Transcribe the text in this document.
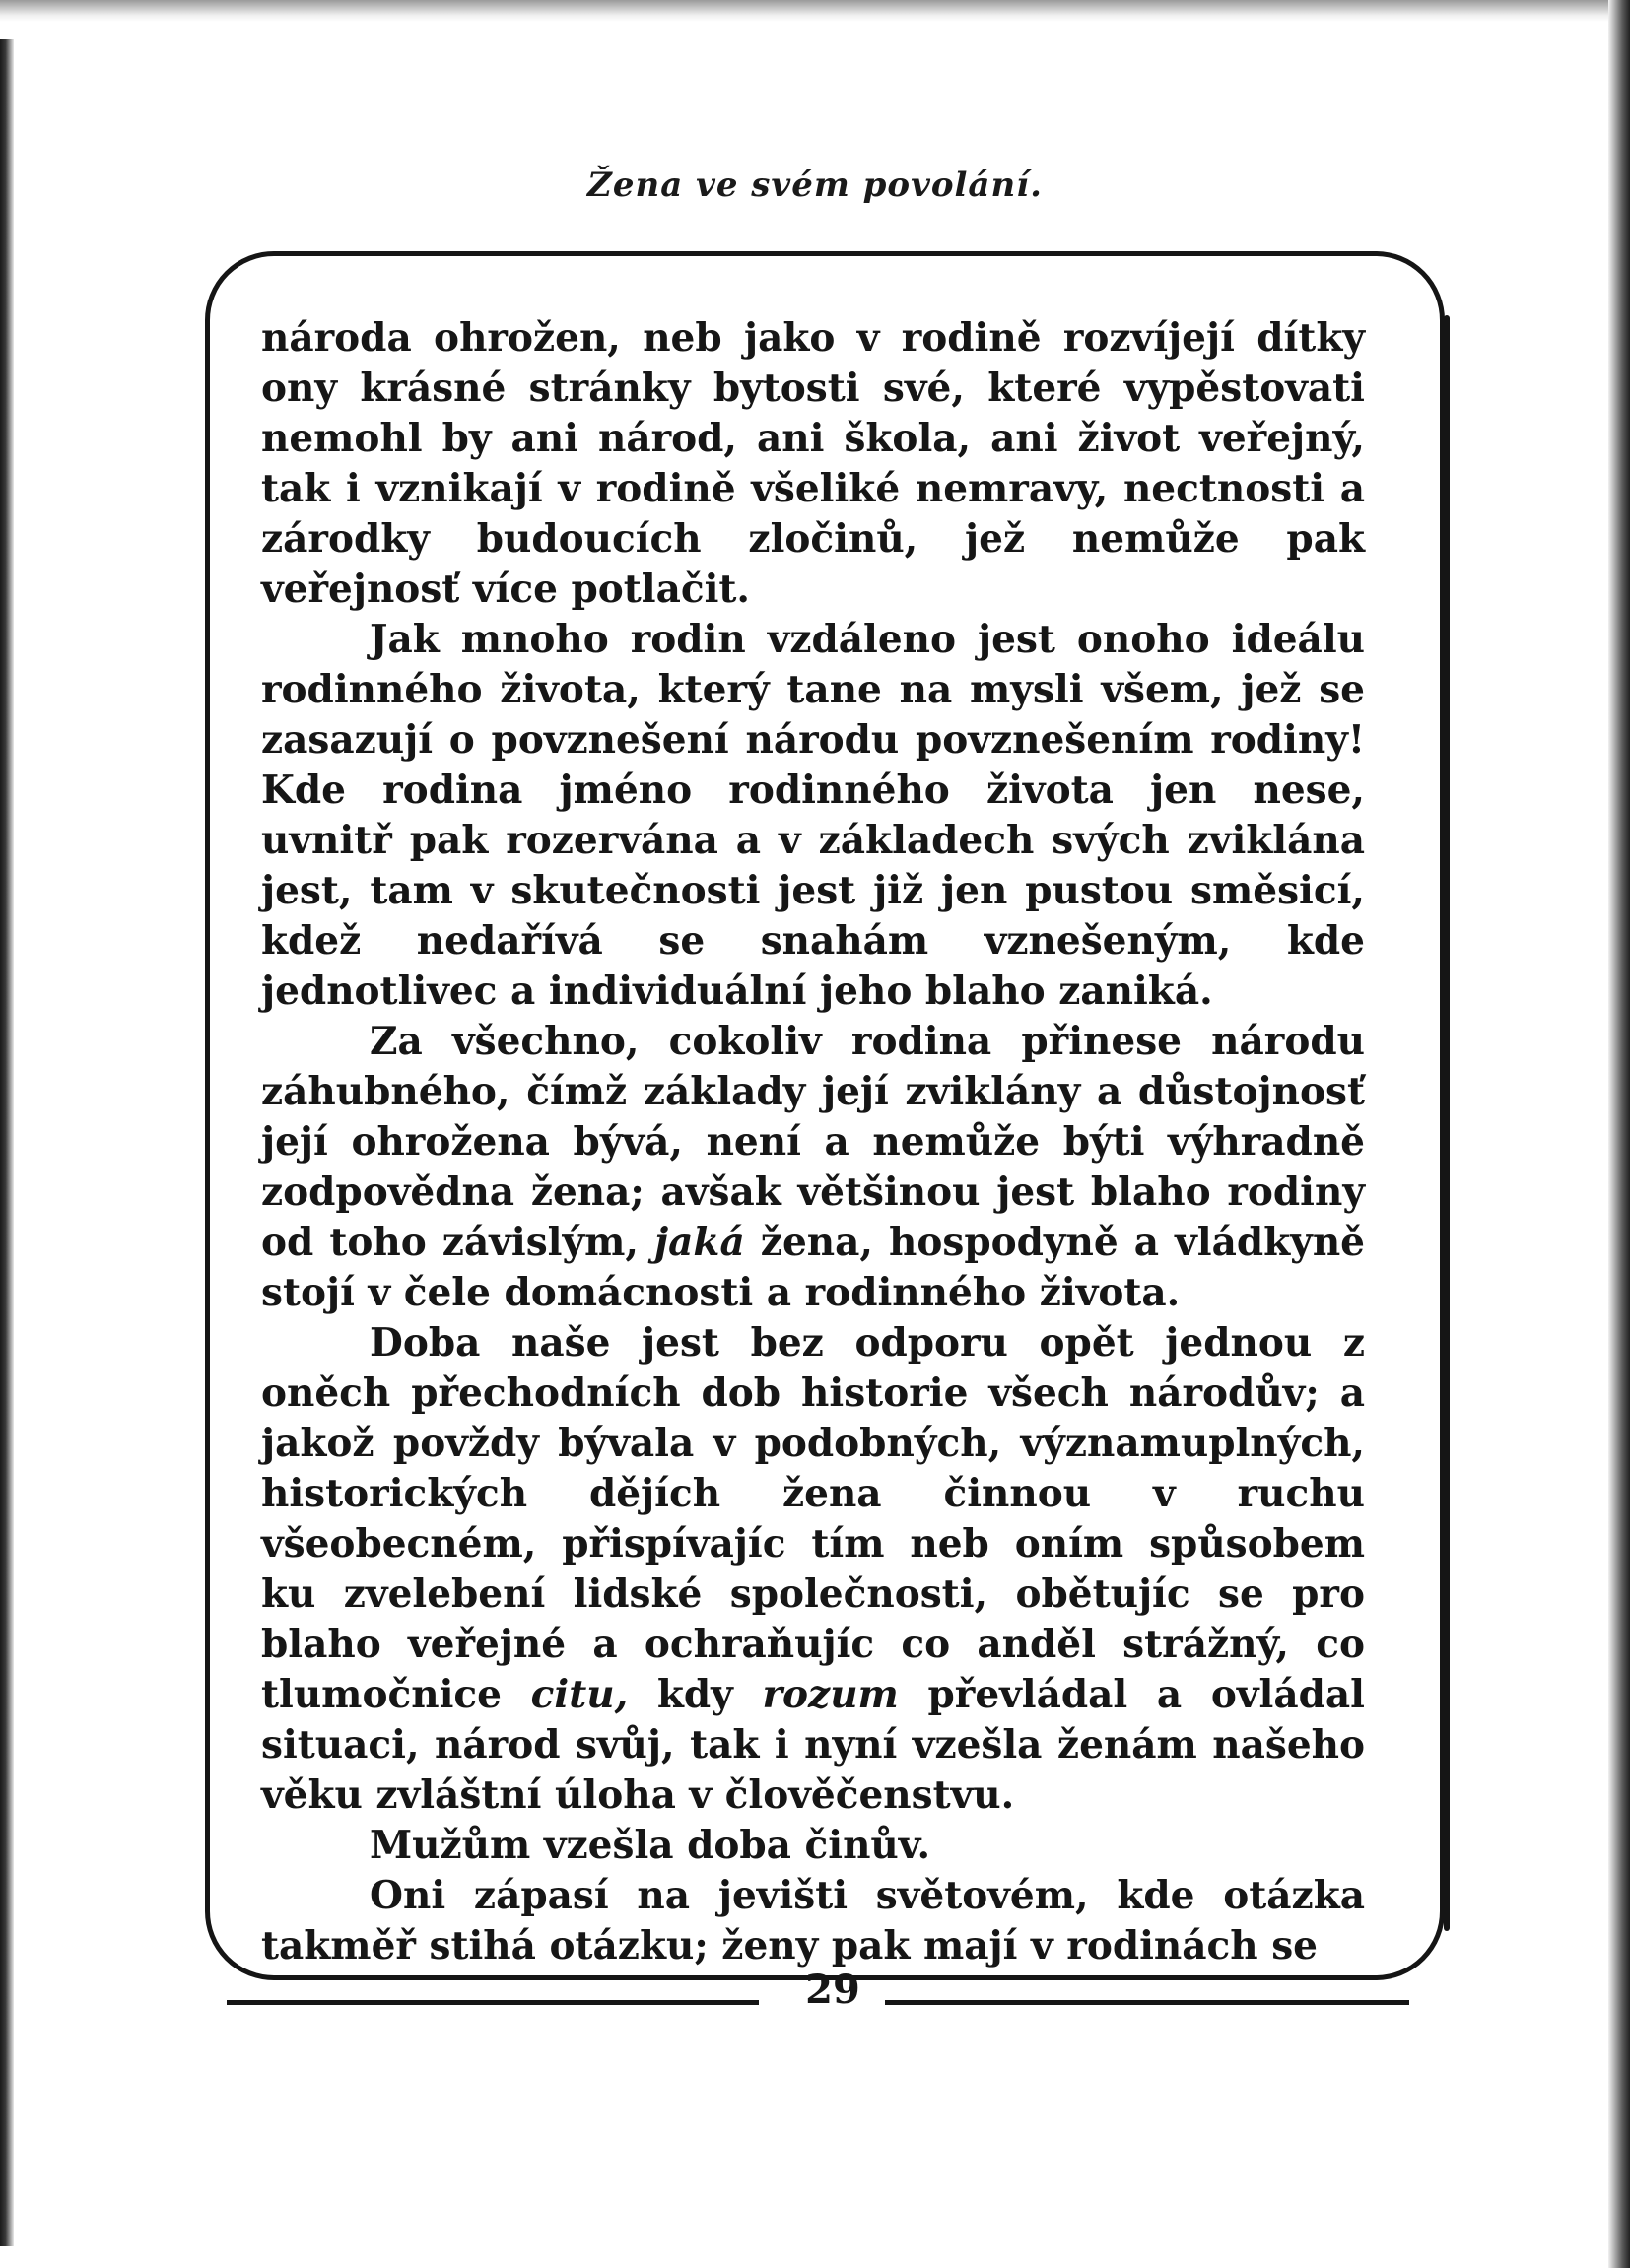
Žena ve svém povolání.

národa ohrožen, neb jako v rodině rozvíjejí dítky ony krásné stránky bytosti své, které vypěstovati nemohl by ani národ, ani škola, ani život veřejný, tak i vznikají v rodině všeliké nemravy, nectnosti a zárodky budoucích zločinů, jež nemůže pak veřejnosť více potlačit.

Jak mnoho rodin vzdáleno jest onoho ideálu rodinného života, který tane na mysli všem, jež se zasazují o povznešení národu povznešením rodiny! Kde rodina jméno rodinného života jen nese, uvnitř pak rozervána a v základech svých zviklána jest, tam v skutečnosti jest již jen pustou směsicí, kdež nedařívá se snahám vznešeným, kde jednotlivec a individuální jeho blaho zaniká.

Za všechno, cokoliv rodina přinese národu záhubného, čímž základy její zviklány a důstojnosť její ohrožena bývá, není a nemůže býti výhradně zodpovědna žena; avšak většinou jest blaho rodiny od toho závislým, jaká žena, hospodyně a vládkyně stojí v čele domácnosti a rodinného života.

Doba naše jest bez odporu opět jednou z oněch přechodních dob historie všech národův; a jakož povždy bývala v podobných, významuplných, historických dějích žena činnou v ruchu všeobecném, přispívajíc tím neb oním spůsobem ku zvelebení lidské společnosti, obětujíc se pro blaho veřejné a ochraňujíc co anděl strážný, co tlumočnice citu, kdy rozum převládal a ovládal situaci, národ svůj, tak i nyní vzešla ženám našeho věku zvláštní úloha v člověčenstvu.

Mužům vzešla doba činův.

Oni zápasí na jevišti světovém, kde otázka takměř stihá otázku; ženy pak mají v rodinách se

29
